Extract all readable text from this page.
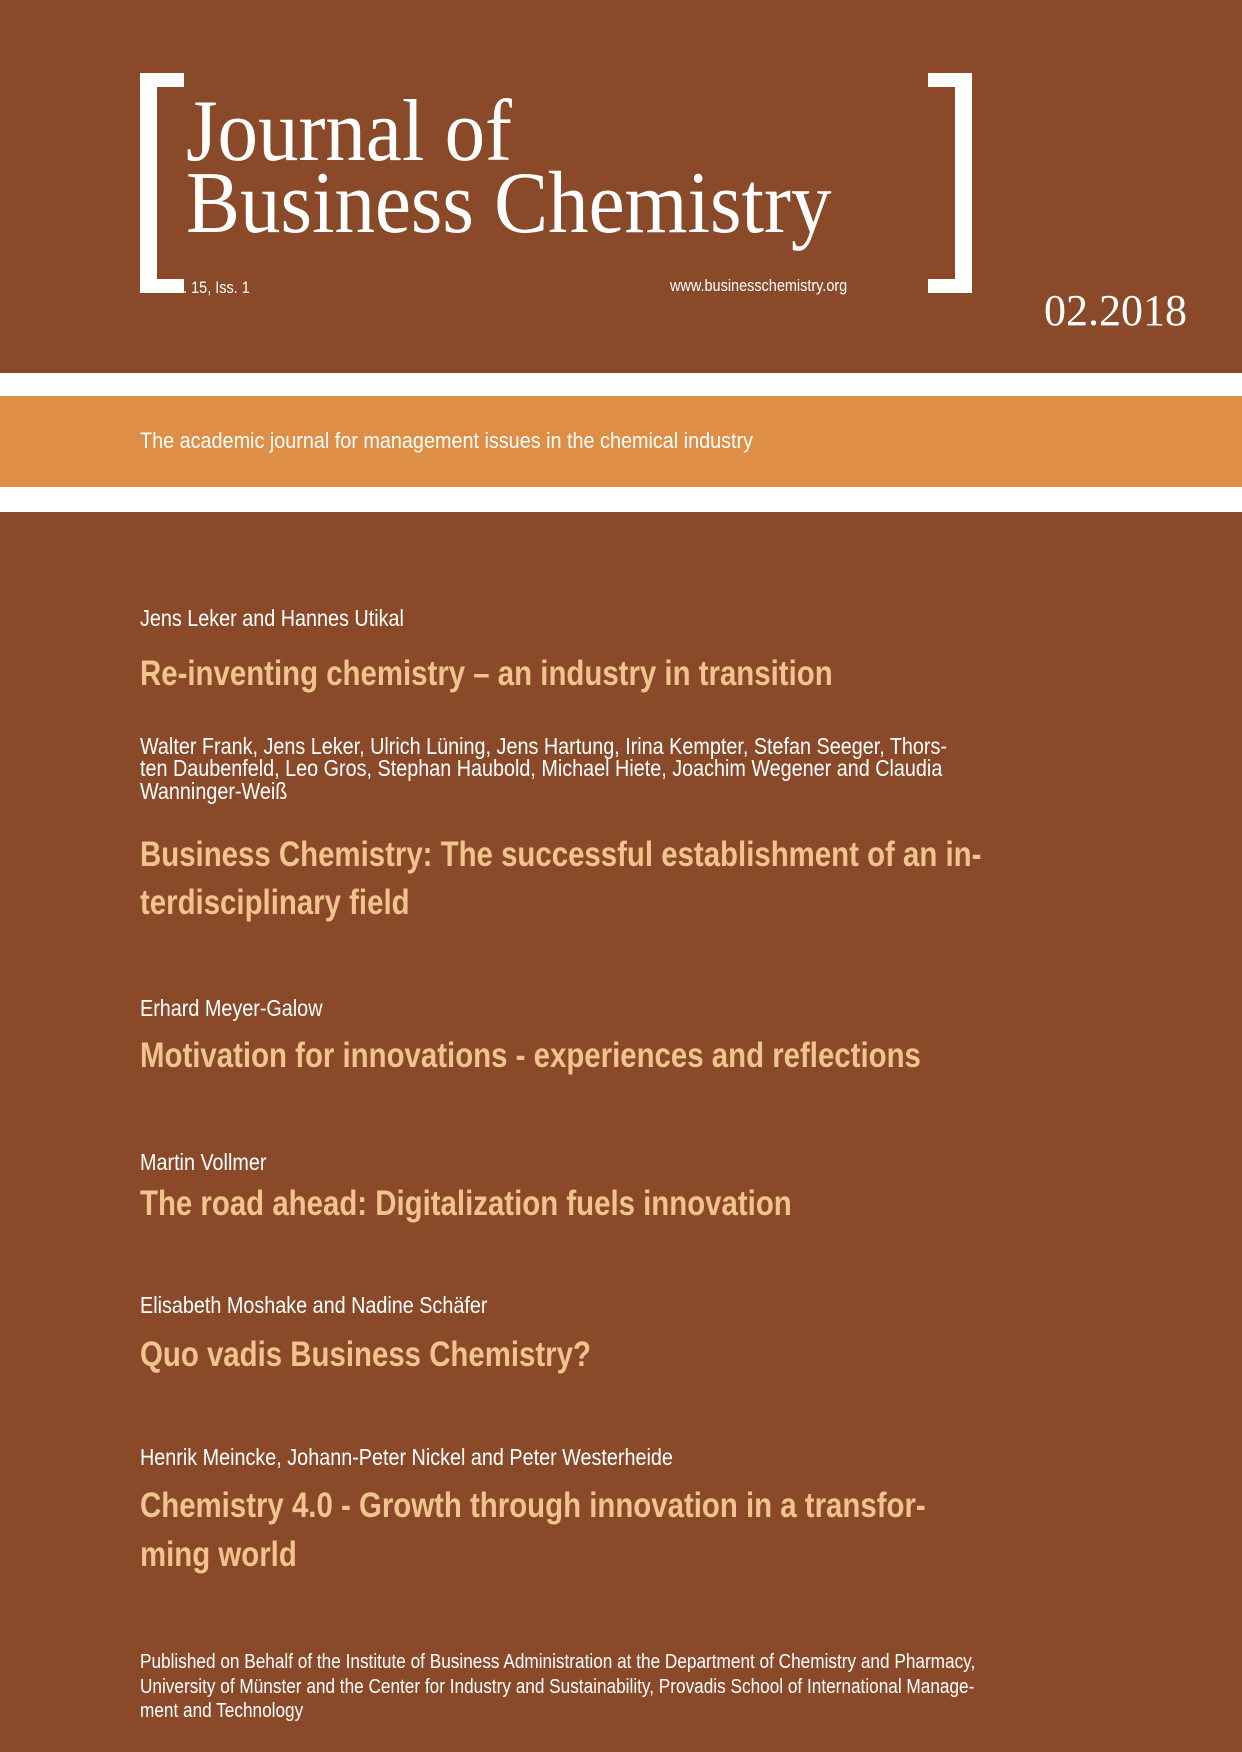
Journal of
Business Chemistry
Vol. 15, Iss. 1	www.businesschemistry.org
02.2018
The academic journal for management issues in the chemical industry
Jens Leker and Hannes Utikal
Re-inventing chemistry – an industry in transition
Walter Frank, Jens Leker, Ulrich Lüning, Jens Hartung, Irina Kempter, Stefan Seeger, Thors-
ten Daubenfeld, Leo Gros, Stephan Haubold, Michael Hiete, Joachim Wegener and Claudia
Wanninger-Weiß
Business Chemistry: The successful establishment of an in-
terdisciplinary field
Erhard Meyer-Galow
Motivation for innovations - experiences and reflections
Martin Vollmer
The road ahead: Digitalization fuels innovation
Elisabeth Moshake and Nadine Schäfer
Quo vadis Business Chemistry?
Henrik Meincke, Johann-Peter Nickel and Peter Westerheide
Chemistry 4.0 - Growth through innovation in a transfor-
ming world
Published on Behalf of the Institute of Business Administration at the Department of Chemistry and Pharmacy,
University of Münster and the Center for Industry and Sustainability, Provadis School of International Manage-
ment and Technology
